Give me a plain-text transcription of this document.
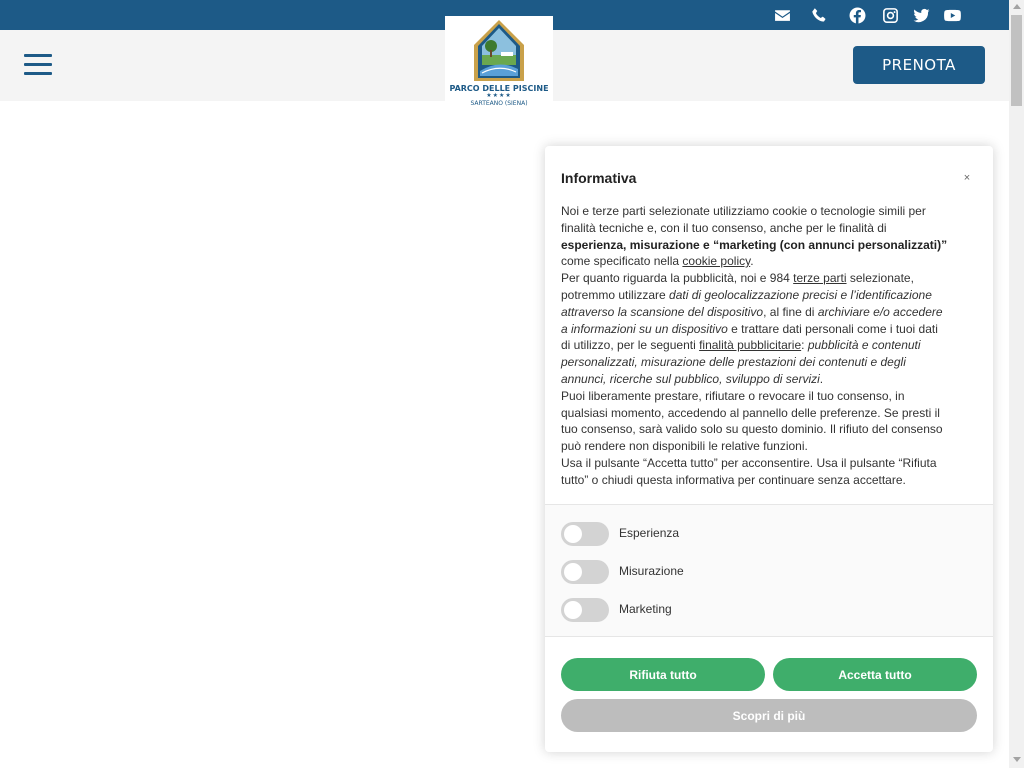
PRENOTA
PARCO DELLE PISCINE
★★★★
SARTEANO (SIENA)
Informativa	×

Noi e terze parti selezionate utilizziamo cookie o tecnologie simili per finalità tecniche e, con il tuo consenso, anche per le finalità di esperienza, misurazione e “marketing (con annunci personalizzati)” come specificato nella cookie policy.

Per quanto riguarda la pubblicità, noi e 984 terze parti selezionate, potremmo utilizzare dati di geolocalizzazione precisi e l’identificazione attraverso la scansione del dispositivo, al fine di archiviare e/o accedere a informazioni su un dispositivo e trattare dati personali come i tuoi dati di utilizzo, per le seguenti finalità pubblicitarie: pubblicità e contenuti personalizzati, misurazione delle prestazioni dei contenuti e degli annunci, ricerche sul pubblico, sviluppo di servizi.

Puoi liberamente prestare, rifiutare o revocare il tuo consenso, in qualsiasi momento, accedendo al pannello delle preferenze. Se presti il tuo consenso, sarà valido solo su questo dominio. Il rifiuto del consenso può rendere non disponibili le relative funzioni.

Usa il pulsante “Accetta tutto” per acconsentire. Usa il pulsante “Rifiuta tutto” o chiudi questa informativa per continuare senza accettare.

Esperienza
Misurazione
Marketing
Rifiuta tutto	Accetta tutto
Scopri di più
